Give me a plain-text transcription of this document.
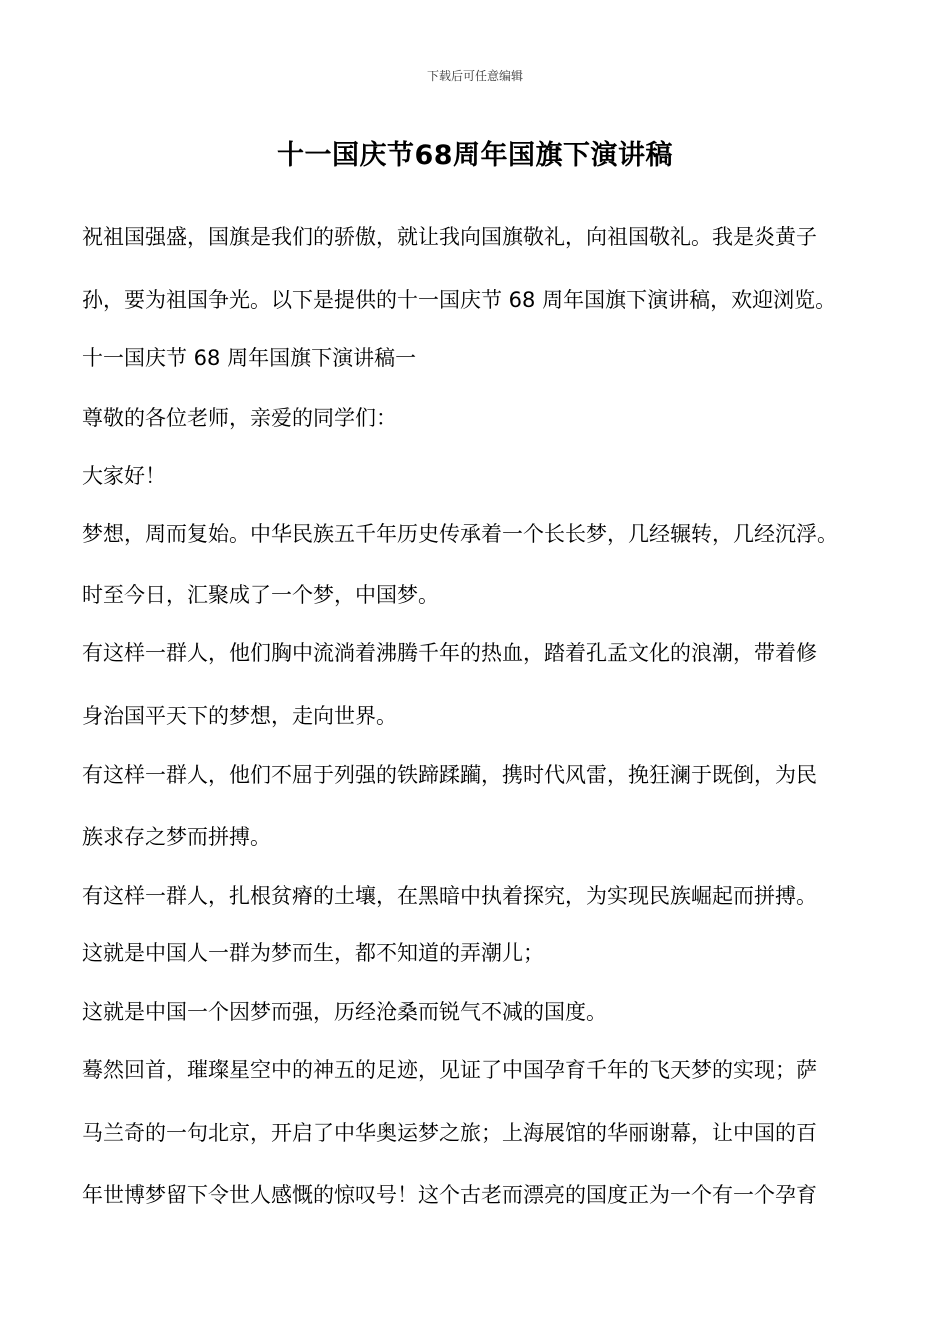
下载后可任意编辑
十一国庆节68周年国旗下演讲稿
祝祖国强盛，国旗是我们的骄傲，就让我向国旗敬礼，向祖国敬礼。我是炎黄子
孙，要为祖国争光。以下是提供的十一国庆节 68 周年国旗下演讲稿，欢迎浏览。
十一国庆节 68 周年国旗下演讲稿一
尊敬的各位老师，亲爱的同学们：
大家好！
梦想，周而复始。中华民族五千年历史传承着一个长长梦，几经辗转，几经沉浮。
时至今日，汇聚成了一个梦，中国梦。
有这样一群人，他们胸中流淌着沸腾千年的热血，踏着孔孟文化的浪潮，带着修
身治国平天下的梦想，走向世界。
有这样一群人，他们不屈于列强的铁蹄蹂躏，携时代风雷，挽狂澜于既倒，为民
族求存之梦而拼搏。
有这样一群人，扎根贫瘠的土壤，在黑暗中执着探究，为实现民族崛起而拼搏。
这就是中国人一群为梦而生，都不知道的弄潮儿；
这就是中国一个因梦而强，历经沧桑而锐气不减的国度。
蓦然回首，璀璨星空中的神五的足迹，见证了中国孕育千年的飞天梦的实现；萨
马兰奇的一句北京，开启了中华奥运梦之旅；上海展馆的华丽谢幕，让中国的百
年世博梦留下令世人感慨的惊叹号！这个古老而漂亮的国度正为一个有一个孕育
